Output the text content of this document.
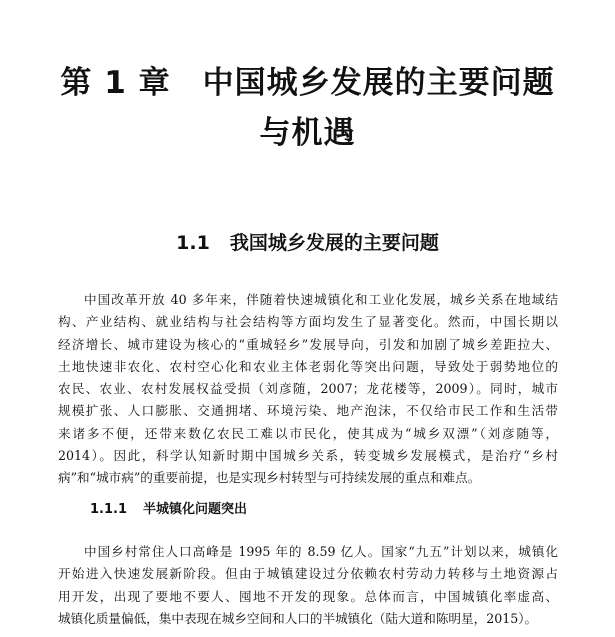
第 1 章　中国城乡发展的主要问题
与机遇
1.1 我国城乡发展的主要问题

中国改革开放 40 多年来，伴随着快速城镇化和工业化发展，城乡关系在地域结
构、产业结构、就业结构与社会结构等方面均发生了显著变化。然而，中国长期以
经济增长、城市建设为核心的“重城轻乡”发展导向，引发和加剧了城乡差距拉大、
土地快速非农化、农村空心化和农业主体老弱化等突出问题，导致处于弱势地位的
农民、农业、农村发展权益受损（刘彦随，2007；龙花楼等，2009）。同时，城市
规模扩张、人口膨胀、交通拥堵、环境污染、地产泡沫，不仅给市民工作和生活带
来诸多不便，还带来数亿农民工难以市民化，使其成为“城乡双漂”（刘彦随等，
2014）。因此，科学认知新时期中国城乡关系，转变城乡发展模式，是治疗“乡村
病”和“城市病”的重要前提，也是实现乡村转型与可持续发展的重点和难点。

1.1.1 半城镇化问题突出

中国乡村常住人口高峰是 1995 年的 8.59 亿人。国家“九五”计划以来，城镇化
开始进入快速发展新阶段。但由于城镇建设过分依赖农村劳动力转移与土地资源占
用开发，出现了要地不要人、囤地不开发的现象。总体而言，中国城镇化率虚高、
城镇化质量偏低，集中表现在城乡空间和人口的半城镇化（陆大道和陈明星，2015）。
